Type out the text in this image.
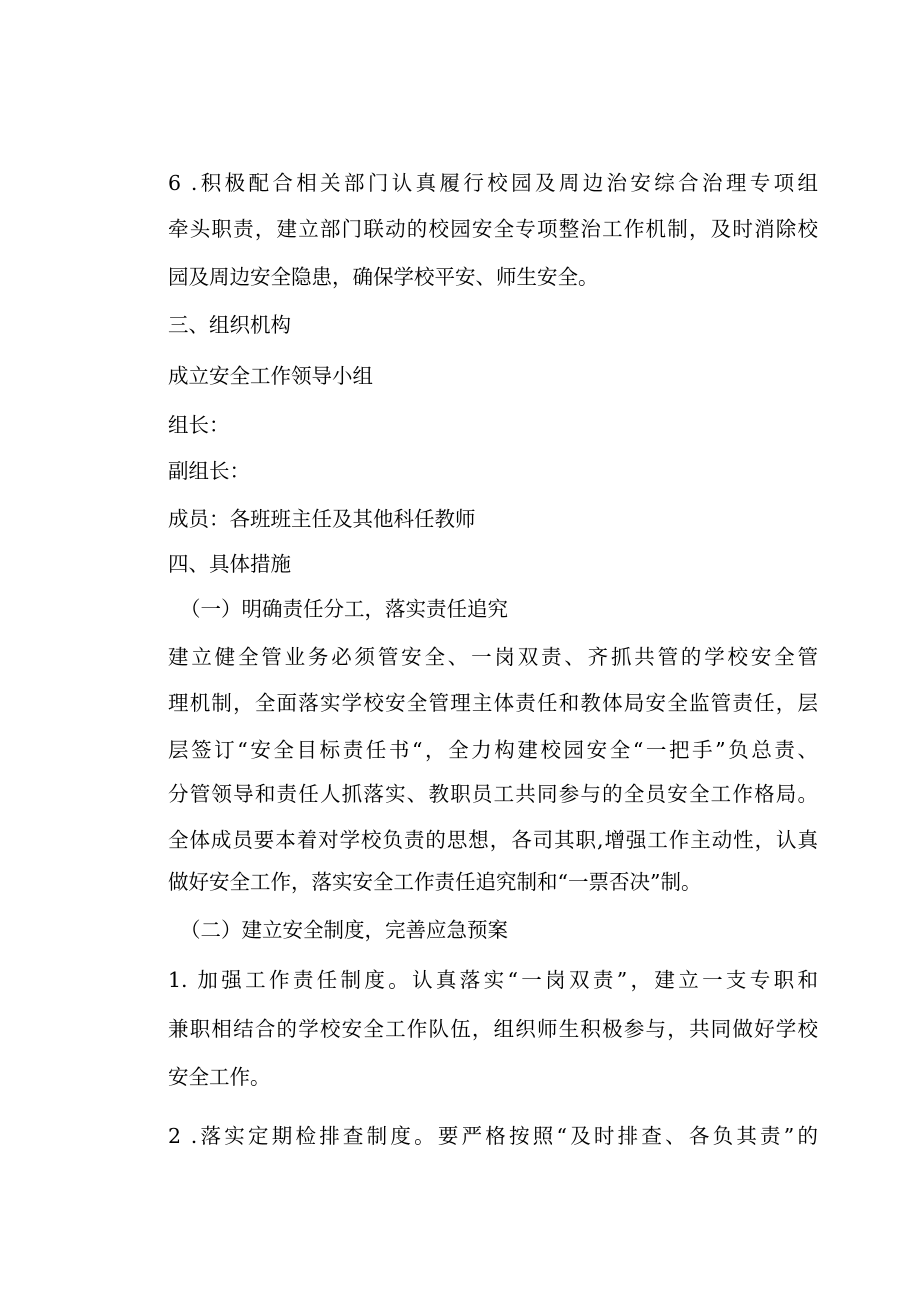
6 .积极配合相关部门认真履行校园及周边治安综合治理专项组

牵头职责，建立部门联动的校园安全专项整治工作机制，及时消除校

园及周边安全隐患，确保学校平安、师生安全。

三、组织机构

成立安全工作领导小组

组长：

副组长：

成员：各班班主任及其他科任教师

四、具体措施

（一）明确责任分工，落实责任追究

建立健全管业务必须管安全、一岗双责、齐抓共管的学校安全管

理机制，全面落实学校安全管理主体责任和教体局安全监管责任，层

层签订“安全目标责任书“，全力构建校园安全“一把手”负总责、

分管领导和责任人抓落实、教职员工共同参与的全员安全工作格局。

全体成员要本着对学校负责的思想，各司其职,增强工作主动性，认真

做好安全工作，落实安全工作责任追究制和“一票否决”制。

（二）建立安全制度，完善应急预案

1. 加强工作责任制度。认真落实“一岗双责”，建立一支专职和

兼职相结合的学校安全工作队伍，组织师生积极参与，共同做好学校

安全工作。

2 .落实定期检排查制度。要严格按照“及时排查、各负其责”的
